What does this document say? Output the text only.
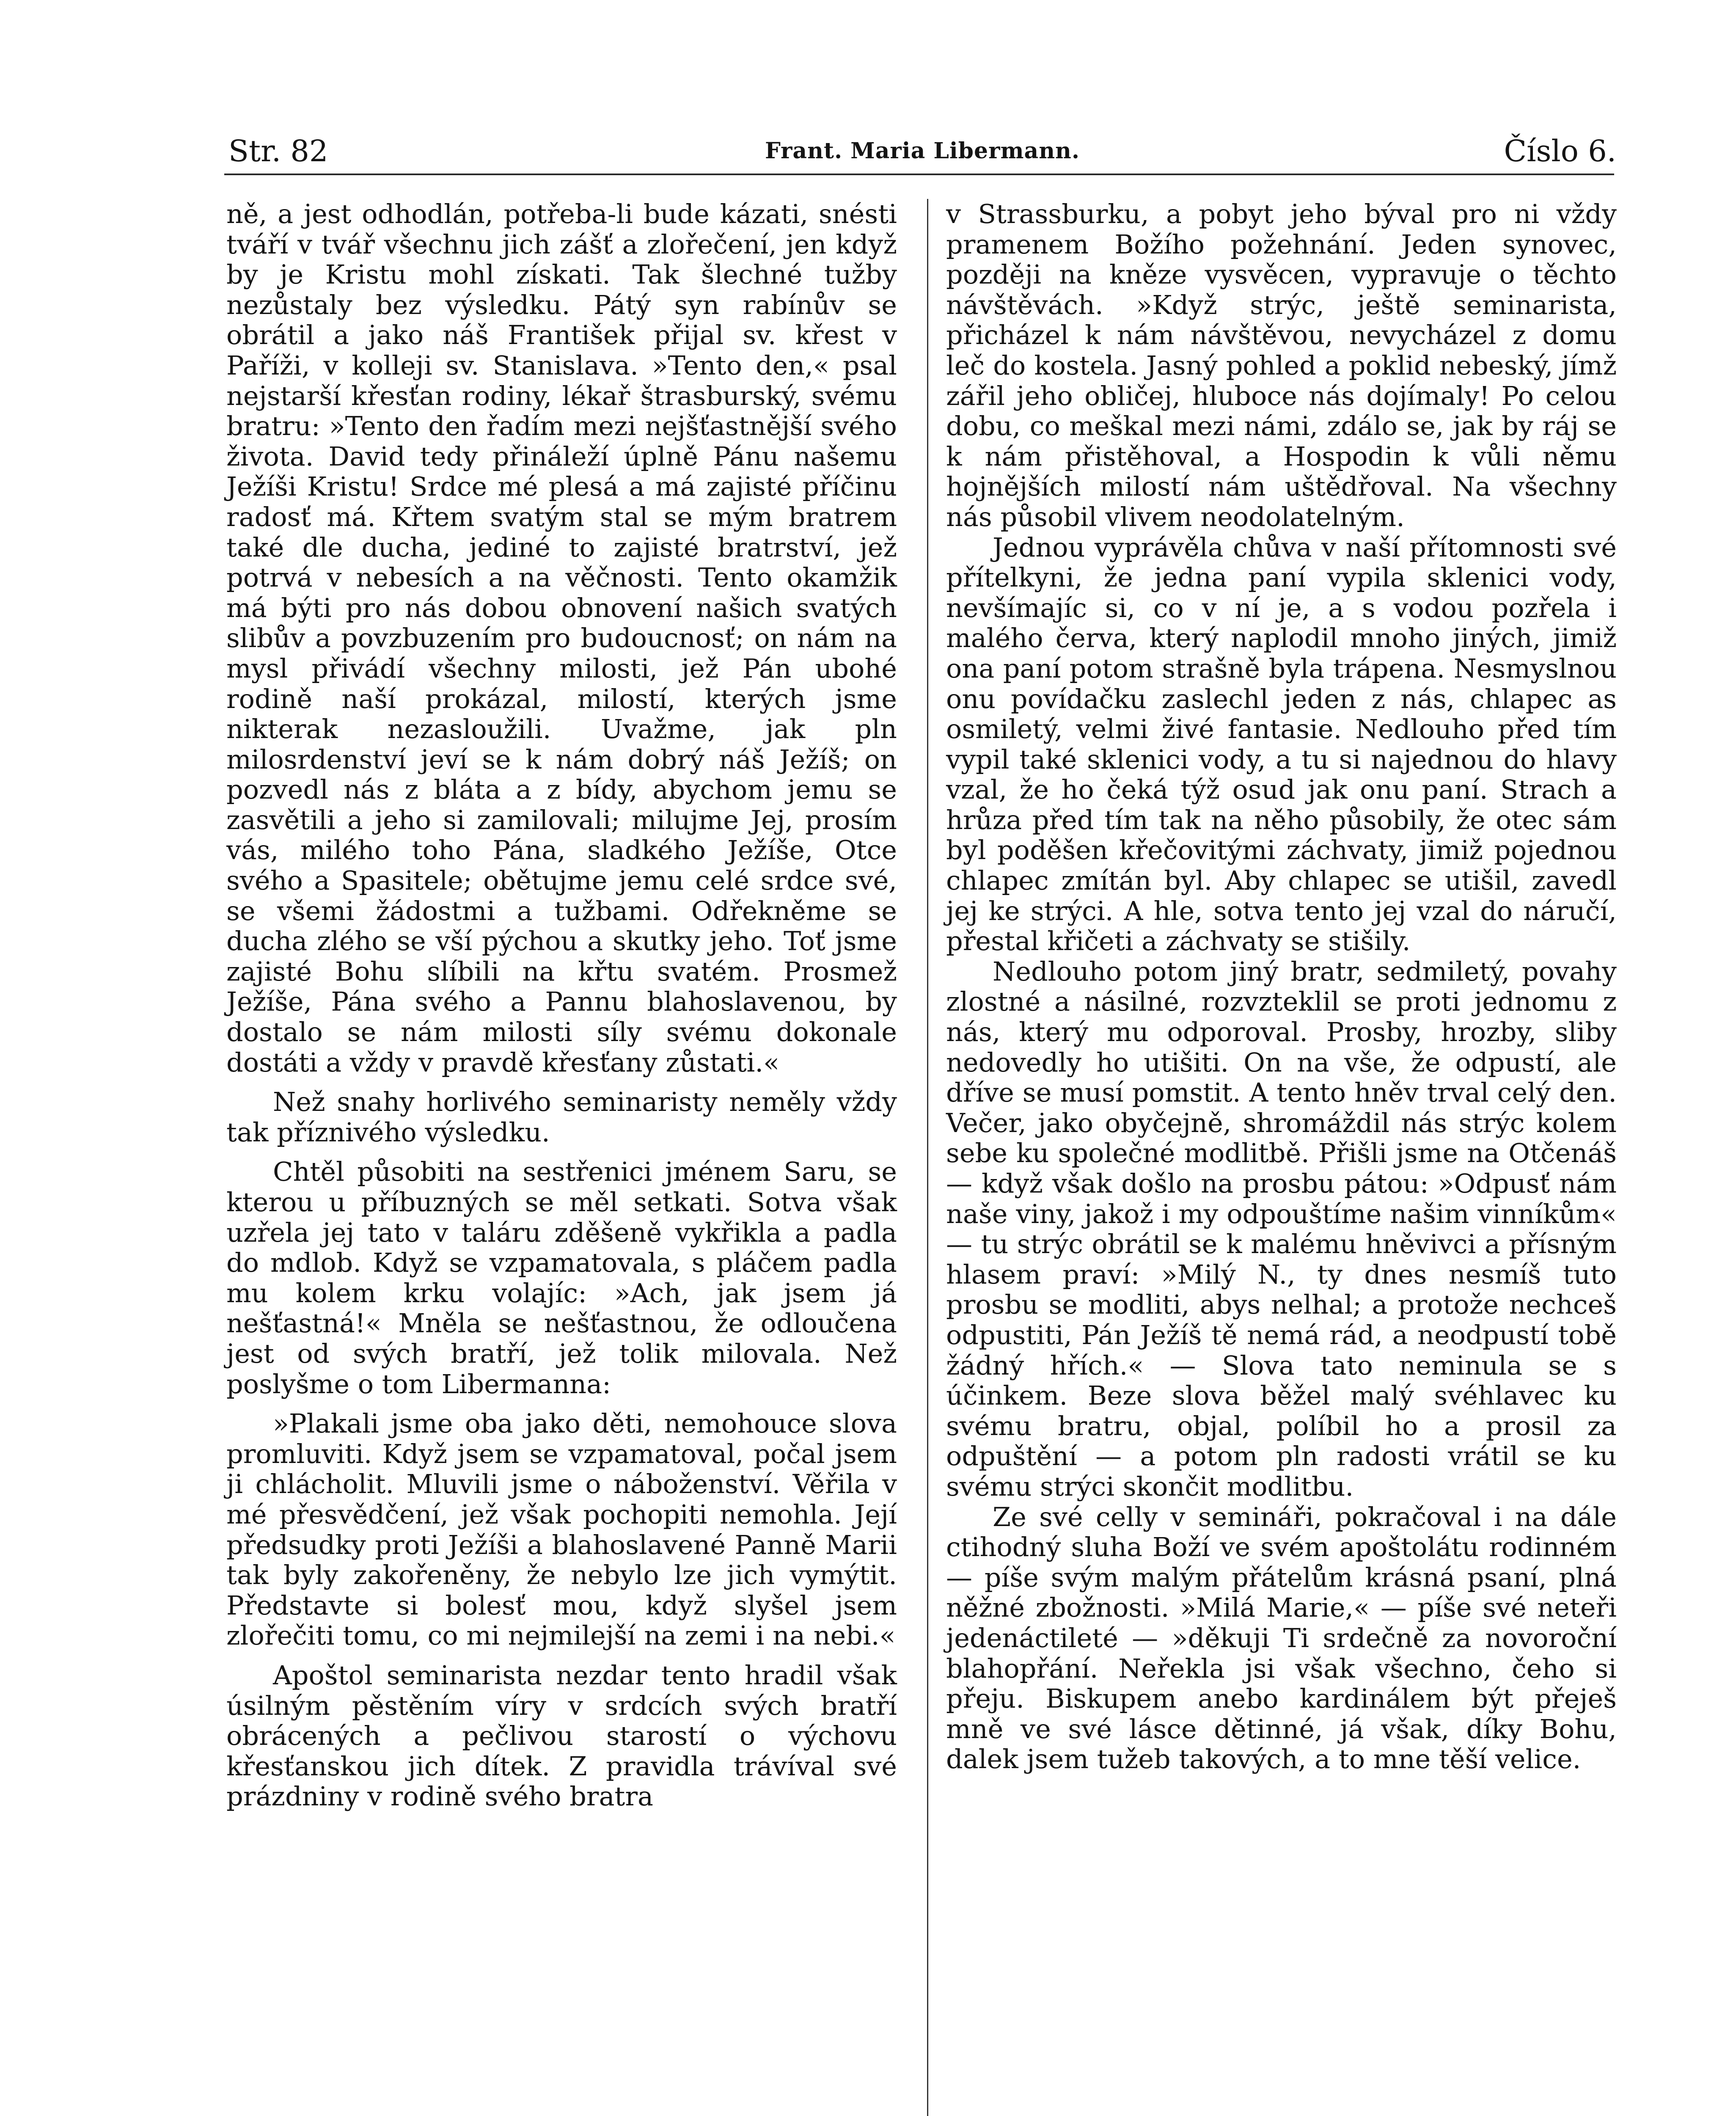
Str. 82	Frant. Maria Libermann.	Číslo 6.

ně, a jest odhodlán, potřeba-li bude kázati, snésti tváří v tvář všechnu jich zášť a zlořečení, jen když by je Kristu mohl získati. Tak šlechné tužby nezůstaly bez výsledku. Pátý syn rabínův se obrátil a jako náš František přijal sv. křest v Paříži, v kolleji sv. Stanislava. »Tento den,« psal nejstarší křesťan rodiny, lékař štrasburský, svému bratru: »Tento den řadím mezi nejšťastnější svého života. David tedy přináleží úplně Pánu našemu Ježíši Kristu! Srdce mé plesá a má zajisté příčinu radosť má. Křtem svatým stal se mým bratrem také dle ducha, jediné to zajisté bratrství, jež potrvá v nebesích a na věčnosti. Tento okamžik má býti pro nás dobou obnovení našich svatých slibův a povzbuzením pro budoucnosť; on nám na mysl přivádí všechny milosti, jež Pán ubohé rodině naší prokázal, milostí, kterých jsme nikterak nezasloužili. Uvažme, jak pln milosrdenství jeví se k nám dobrý náš Ježíš; on pozvedl nás z bláta a z bídy, abychom jemu se zasvětili a jeho si zamilovali; milujme Jej, prosím vás, milého toho Pána, sladkého Ježíše, Otce svého a Spasitele; obětujme jemu celé srdce své, se všemi žádostmi a tužbami. Odřekněme se ducha zlého se vší pýchou a skutky jeho. Toť jsme zajisté Bohu slíbili na křtu svatém. Prosmež Ježíše, Pána svého a Pannu blahoslavenou, by dostalo se nám milosti síly svému dokonale dostáti a vždy v pravdě křesťany zůstati.«

Než snahy horlivého seminaristy neměly vždy tak příznivého výsledku.

Chtěl působiti na sestřenici jménem Saru, se kterou u příbuzných se měl setkati. Sotva však uzřela jej tato v taláru zděšeně vykřikla a padla do mdlob. Když se vzpamatovala, s pláčem padla mu kolem krku volajíc: »Ach, jak jsem já nešťastná!« Mněla se nešťastnou, že odloučena jest od svých bratří, jež tolik milovala. Než poslyšme o tom Libermanna:

»Plakali jsme oba jako děti, nemohouce slova promluviti. Když jsem se vzpamatoval, počal jsem ji chlácholit. Mluvili jsme o náboženství. Věřila v mé přesvědčení, jež však pochopiti nemohla. Její předsudky proti Ježíši a blahoslavené Panně Marii tak byly zakořeněny, že nebylo lze jich vymýtit. Představte si bolesť mou, když slyšel jsem zlořečiti tomu, co mi nejmilejší na zemi i na nebi.«

Apoštol seminarista nezdar tento hradil však úsilným pěstěním víry v srdcích svých bratří obrácených a pečlivou starostí o výchovu křesťanskou jich dítek. Z pravidla trávíval své prázdniny v rodině svého bratra

v Strassburku, a pobyt jeho býval pro ni vždy pramenem Božího požehnání. Jeden synovec, později na kněze vysvěcen, vypravuje o těchto návštěvách. »Když strýc, ještě seminarista, přicházel k nám návštěvou, nevycházel z domu leč do kostela. Jasný pohled a poklid nebeský, jímž zářil jeho obličej, hluboce nás dojímaly! Po celou dobu, co meškal mezi námi, zdálo se, jak by ráj se k nám přistěhoval, a Hospodin k vůli němu hojnějších milostí nám uštědřoval. Na všechny nás působil vlivem neodolatelným.

Jednou vyprávěla chůva v naší přítomnosti své přítelkyni, že jedna paní vypila sklenici vody, nevšímajíc si, co v ní je, a s vodou pozřela i malého červa, který naplodil mnoho jiných, jimiž ona paní potom strašně byla trápena. Nesmyslnou onu povídačku zaslechl jeden z nás, chlapec as osmiletý, velmi živé fantasie. Nedlouho před tím vypil také sklenici vody, a tu si najednou do hlavy vzal, že ho čeká týž osud jak onu paní. Strach a hrůza před tím tak na něho působily, že otec sám byl poděšen křečovitými záchvaty, jimiž pojednou chlapec zmítán byl. Aby chlapec se utišil, zavedl jej ke strýci. A hle, sotva tento jej vzal do náručí, přestal křičeti a záchvaty se stišily.

Nedlouho potom jiný bratr, sedmiletý, povahy zlostné a násilné, rozvzteklil se proti jednomu z nás, který mu odporoval. Prosby, hrozby, sliby nedovedly ho utišiti. On na vše, že odpustí, ale dříve se musí pomstit. A tento hněv trval celý den. Večer, jako obyčejně, shromáždil nás strýc kolem sebe ku společné modlitbě. Přišli jsme na Otčenáš — když však došlo na prosbu pátou: »Odpusť nám naše viny, jakož i my odpouštíme našim vinníkům« — tu strýc obrátil se k malému hněvivci a přísným hlasem praví: »Milý N., ty dnes nesmíš tuto prosbu se modliti, abys nelhal; a protože nechceš odpustiti, Pán Ježíš tě nemá rád, a neodpustí tobě žádný hřích.« — Slova tato neminula se s účinkem. Beze slova běžel malý svéhlavec ku svému bratru, objal, políbil ho a prosil za odpuštění — a potom pln radosti vrátil se ku svému strýci skončit modlitbu.

Ze své celly v semináři, pokračoval i na dále ctihodný sluha Boží ve svém apoštolátu rodinném — píše svým malým přátelům krásná psaní, plná něžné zbožnosti. »Milá Marie,« — píše své neteři jedenáctileté — »děkuji Ti srdečně za novoroční blahopřání. Neřekla jsi však všechno, čeho si přeju. Biskupem anebo kardinálem být přeješ mně ve své lásce dětinné, já však, díky Bohu, dalek jsem tužeb takových, a to mne těší velice.
